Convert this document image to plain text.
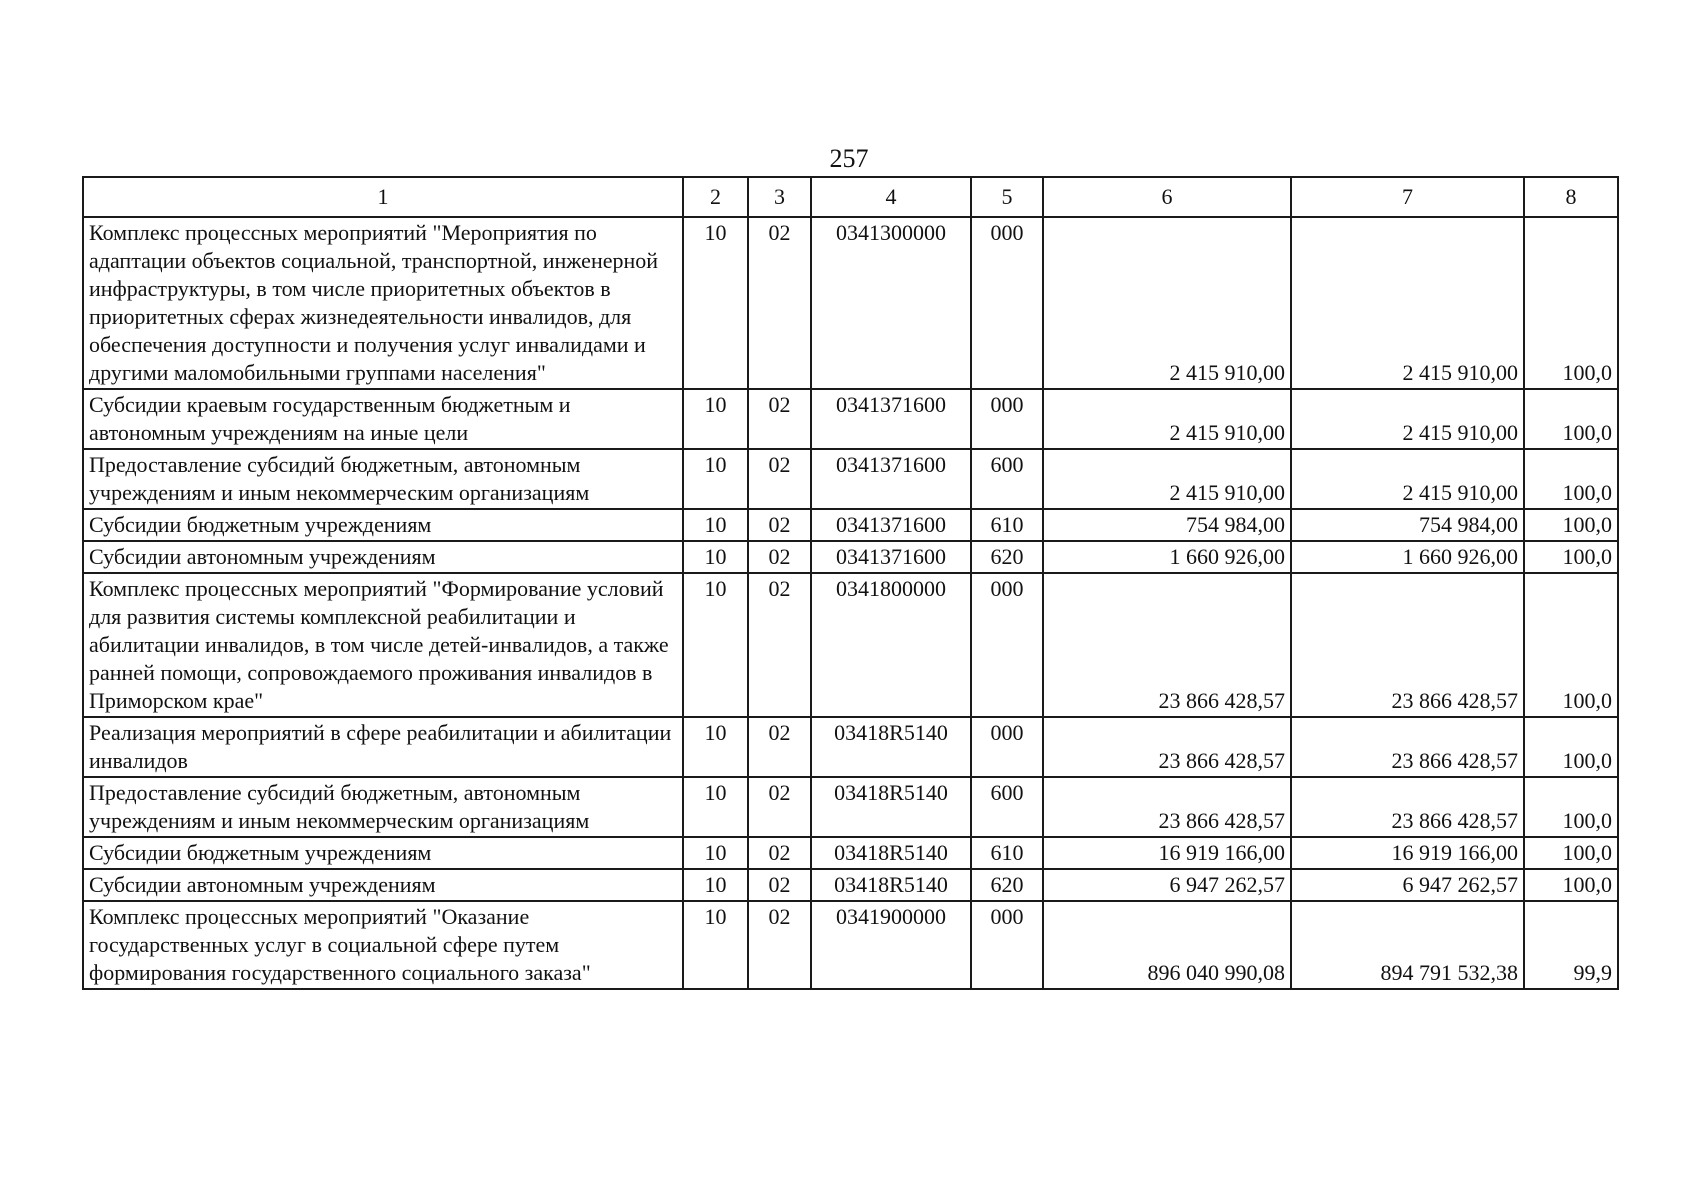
257
1	2	3	4	5	6	7	8
Комплекс процессных мероприятий "Мероприятия по адаптации объектов социальной, транспортной, инженерной инфраструктуры, в том числе приоритетных объектов в приоритетных сферах жизнедеятельности инвалидов, для обеспечения доступности и получения услуг инвалидами и другими маломобильными группами населения"	10	02	0341300000	000	2 415 910,00	2 415 910,00	100,0
Субсидии краевым государственным бюджетным и автономным учреждениям на иные цели	10	02	0341371600	000	2 415 910,00	2 415 910,00	100,0
Предоставление субсидий бюджетным, автономным учреждениям и иным некоммерческим организациям	10	02	0341371600	600	2 415 910,00	2 415 910,00	100,0
Субсидии бюджетным учреждениям	10	02	0341371600	610	754 984,00	754 984,00	100,0
Субсидии автономным учреждениям	10	02	0341371600	620	1 660 926,00	1 660 926,00	100,0
Комплекс процессных мероприятий "Формирование условий для развития системы комплексной реабилитации и абилитации инвалидов, в том числе детей-инвалидов, а также ранней помощи, сопровождаемого проживания инвалидов в Приморском крае"	10	02	0341800000	000	23 866 428,57	23 866 428,57	100,0
Реализация мероприятий в сфере реабилитации и абилитации инвалидов	10	02	03418R5140	000	23 866 428,57	23 866 428,57	100,0
Предоставление субсидий бюджетным, автономным учреждениям и иным некоммерческим организациям	10	02	03418R5140	600	23 866 428,57	23 866 428,57	100,0
Субсидии бюджетным учреждениям	10	02	03418R5140	610	16 919 166,00	16 919 166,00	100,0
Субсидии автономным учреждениям	10	02	03418R5140	620	6 947 262,57	6 947 262,57	100,0
Комплекс процессных мероприятий "Оказание государственных услуг в социальной сфере путем формирования государственного социального заказа"	10	02	0341900000	000	896 040 990,08	894 791 532,38	99,9
